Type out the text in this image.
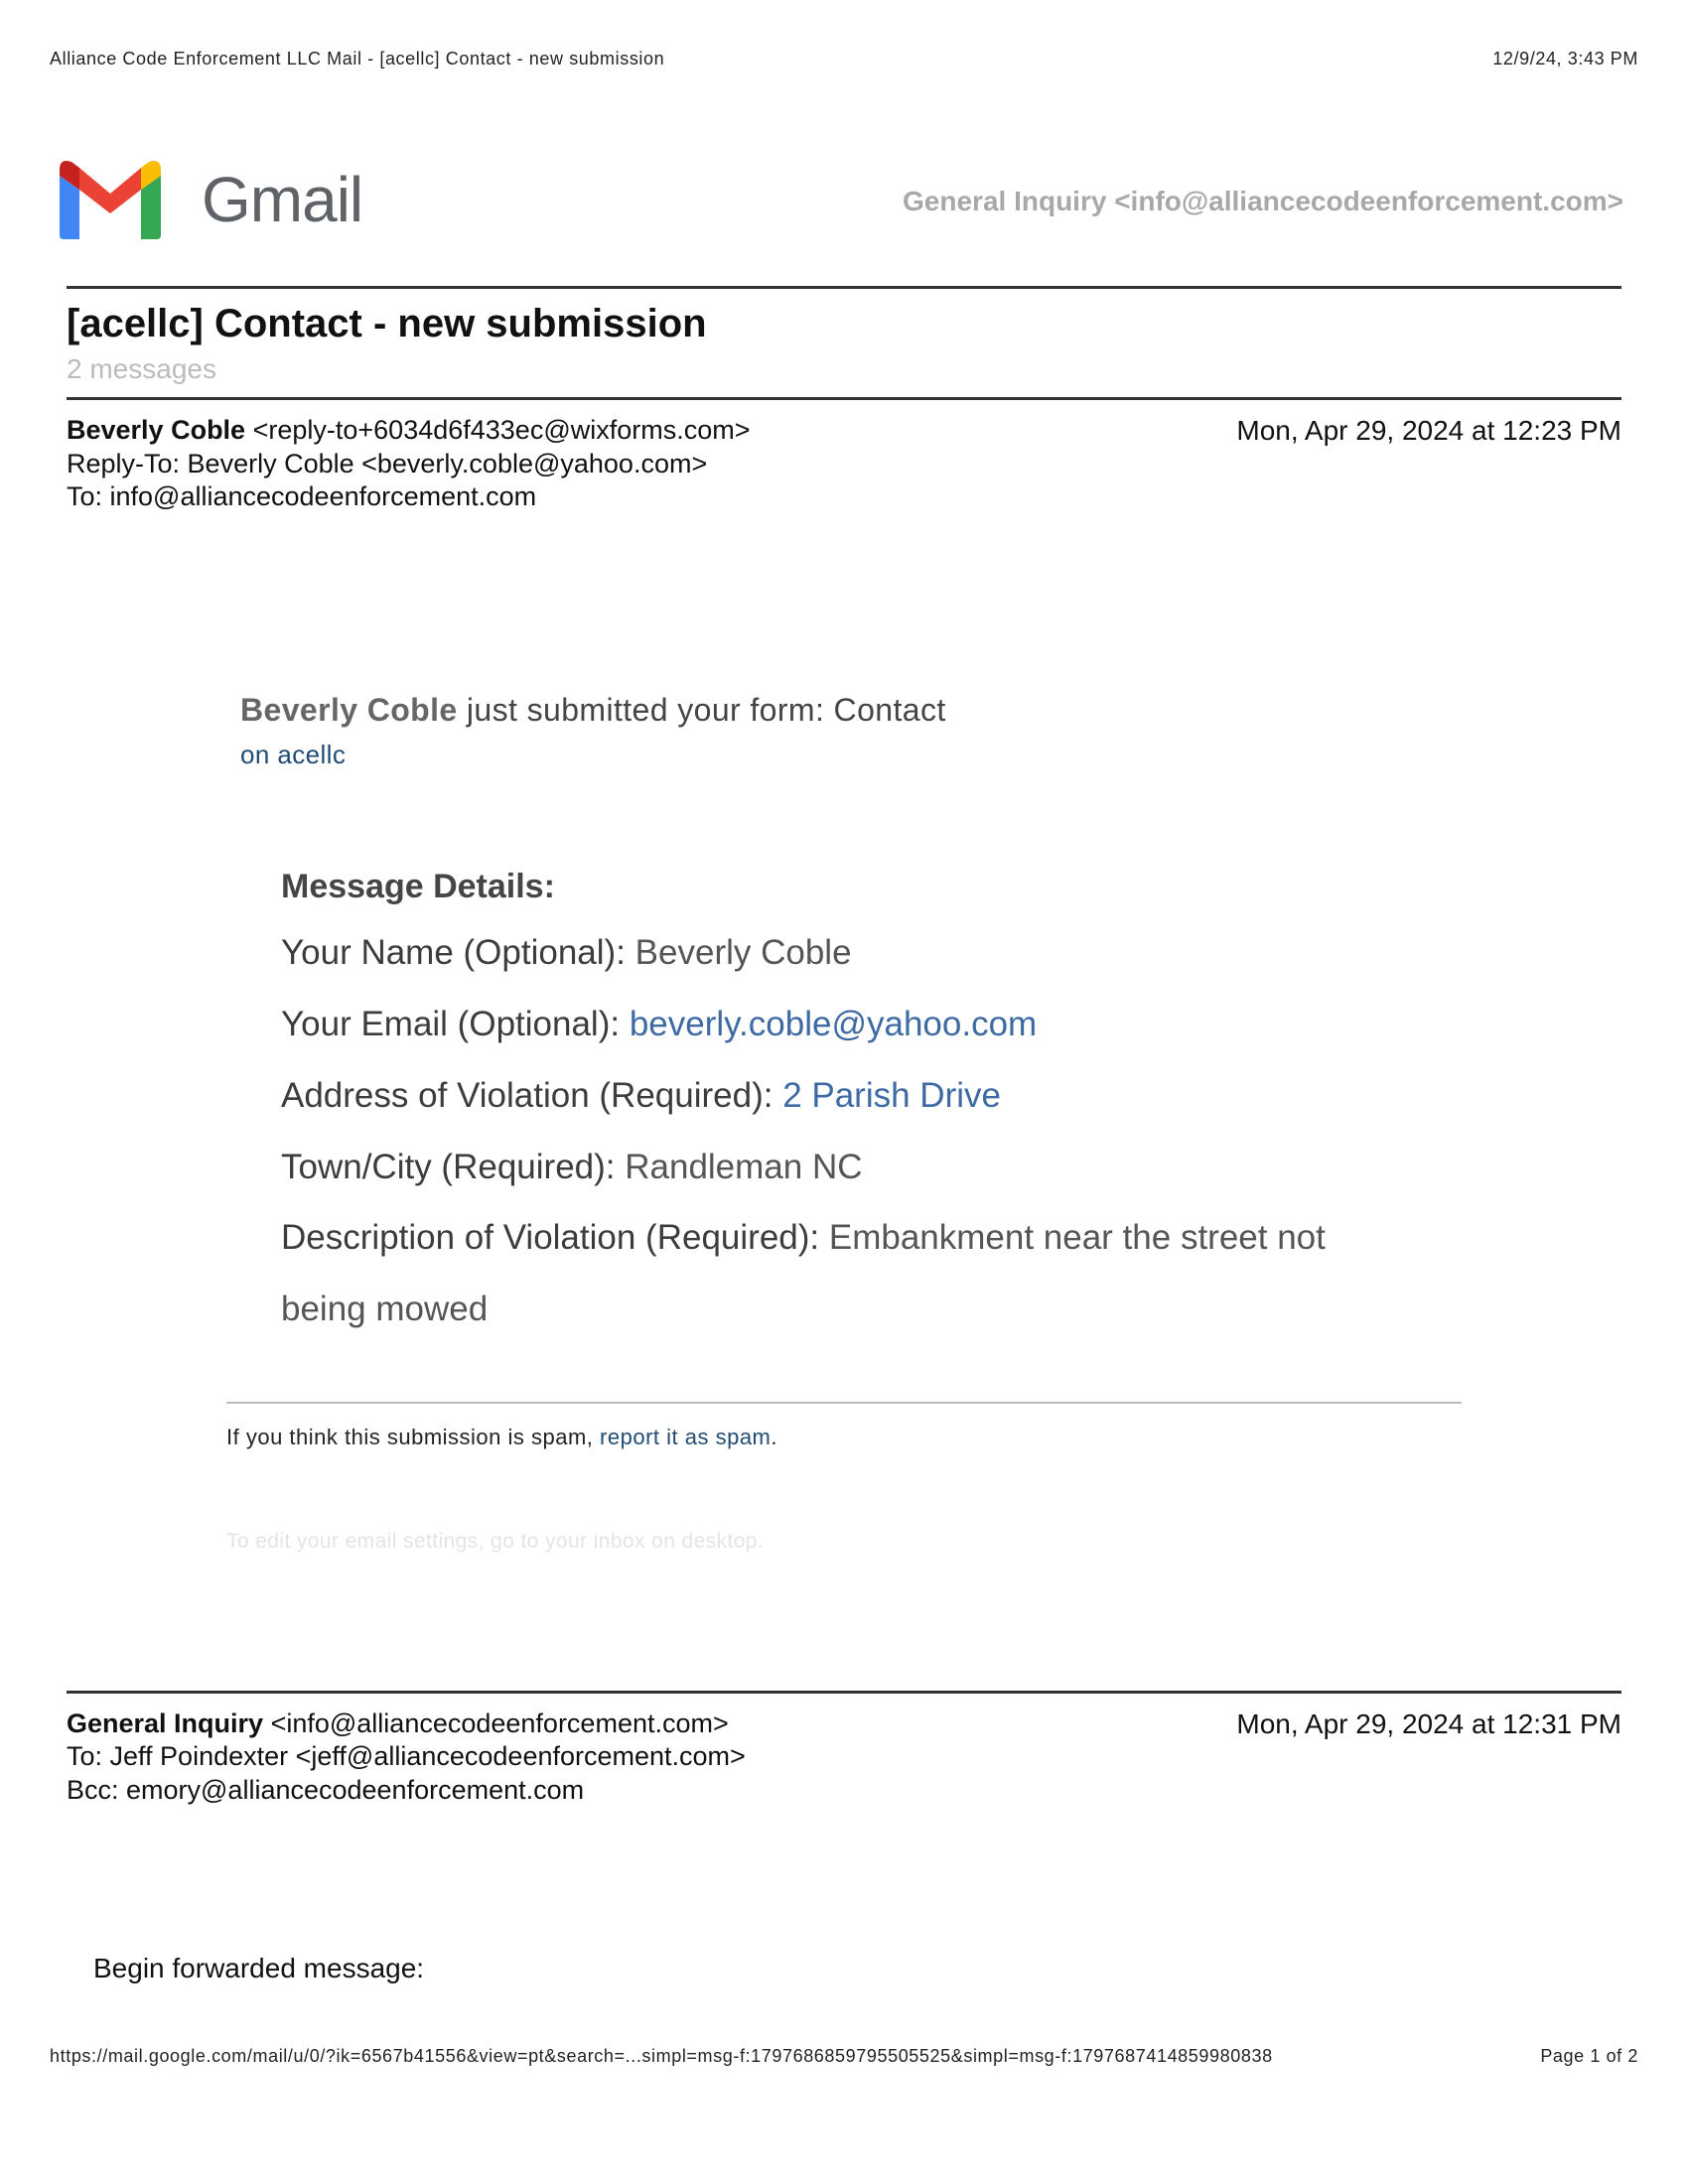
Alliance Code Enforcement LLC Mail - [acellc] Contact - new submission	12/9/24, 3:43 PM
Gmail	General Inquiry <info@alliancecodeenforcement.com>
[acellc] Contact - new submission
2 messages
Beverly Coble <reply-to+6034d6f433ec@wixforms.com>	Mon, Apr 29, 2024 at 12:23 PM
Reply-To: Beverly Coble <beverly.coble@yahoo.com>
To: info@alliancecodeenforcement.com
Beverly Coble just submitted your form: Contact
on acellc
Message Details:
Your Name (Optional): Beverly Coble
Your Email (Optional): beverly.coble@yahoo.com
Address of Violation (Required): 2 Parish Drive
Town/City (Required): Randleman NC
Description of Violation (Required): Embankment near the street not
being mowed
If you think this submission is spam, report it as spam.
To edit your email settings, go to your inbox on desktop.
General Inquiry <info@alliancecodeenforcement.com>	Mon, Apr 29, 2024 at 12:31 PM
To: Jeff Poindexter <jeff@alliancecodeenforcement.com>
Bcc: emory@alliancecodeenforcement.com
Begin forwarded message:
https://mail.google.com/mail/u/0/?ik=6567b41556&view=pt&search=...simpl=msg-f:1797686859795505525&simpl=msg-f:1797687414859980838	Page 1 of 2
